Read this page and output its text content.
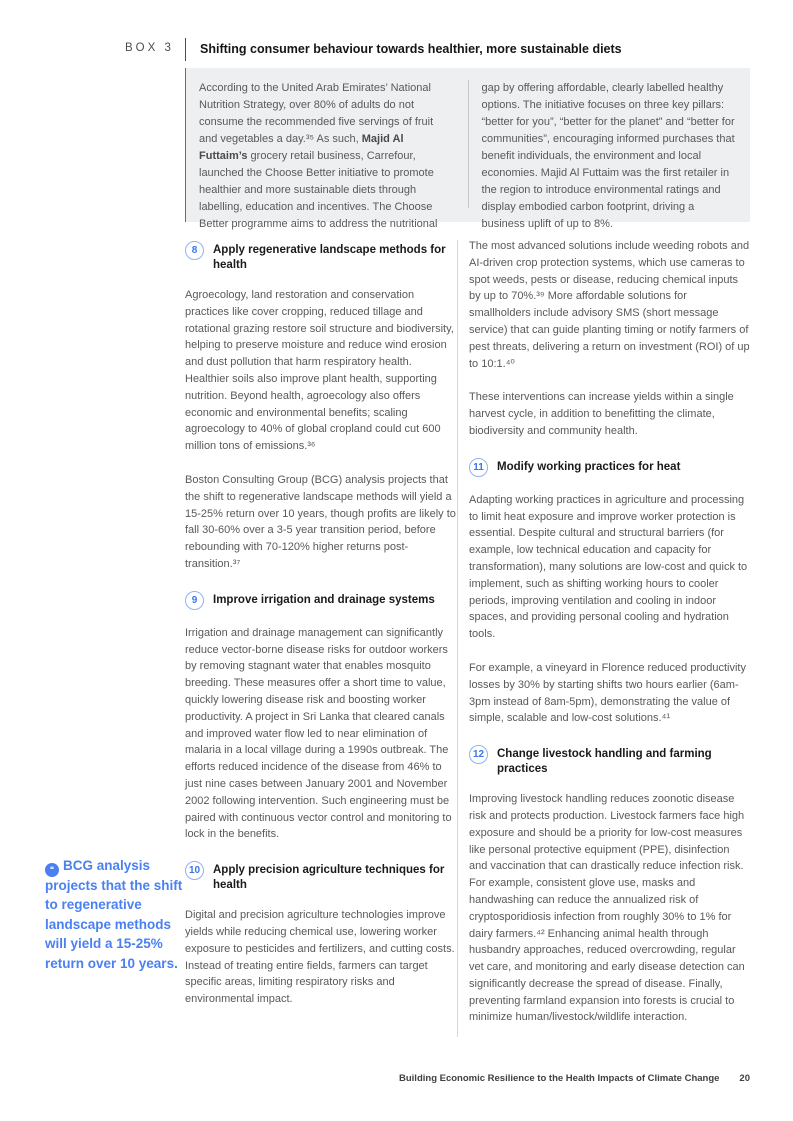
BOX 3 Shifting consumer behaviour towards healthier, more sustainable diets
According to the United Arab Emirates’ National Nutrition Strategy, over 80% of adults do not consume the recommended five servings of fruit and vegetables a day.³⁵ As such, Majid Al Futtaim’s grocery retail business, Carrefour, launched the Choose Better initiative to promote healthier and more sustainable diets through labelling, education and incentives. The Choose Better programme aims to address the nutritional
gap by offering affordable, clearly labelled healthy options. The initiative focuses on three key pillars: “better for you”, “better for the planet” and “better for communities”, encouraging informed purchases that benefit individuals, the environment and local economies. Majid Al Futtaim was the first retailer in the region to introduce environmental ratings and display embodied carbon footprint, driving a business uplift of up to 8%.
8	Apply regenerative landscape methods for health

Agroecology, land restoration and conservation practices like cover cropping, reduced tillage and rotational grazing restore soil structure and biodiversity, helping to preserve moisture and reduce wind erosion and dust pollution that harm respiratory health. Healthier soils also improve plant health, supporting nutrition. Beyond health, agroecology also offers economic and environmental benefits; scaling agroecology to 40% of global cropland could cut 600 million tons of emissions.³⁶

Boston Consulting Group (BCG) analysis projects that the shift to regenerative landscape methods will yield a 15-25% return over 10 years, though profits are likely to fall 30-60% over a 3-5 year transition period, before rebounding with 70-120% higher returns post-transition.³⁷

9	Improve irrigation and drainage systems

Irrigation and drainage management can significantly reduce vector-borne disease risks for outdoor workers by removing stagnant water that enables mosquito breeding. These measures offer a short time to value, quickly lowering disease risk and boosting worker productivity. A project in Sri Lanka that cleared canals and improved water flow led to near elimination of malaria in a local village during a 1990s outbreak. The efforts reduced incidence of the disease from 46% to just nine cases between January 2001 and November 2002 following intervention. Such engineering must be paired with continuous vector control and monitoring to lock in the benefits.

10	Apply precision agriculture techniques for health

Digital and precision agriculture technologies improve yields while reducing chemical use, lowering worker exposure to pesticides and fertilizers, and cutting costs. Instead of treating entire fields, farmers can target specific areas, limiting respiratory risks and environmental impact.

The most advanced solutions include weeding robots and AI-driven crop protection systems, which use cameras to spot weeds, pests or disease, reducing chemical inputs by up to 70%.³⁹ More affordable solutions for smallholders include advisory SMS (short message service) that can guide planting timing or notify farmers of pest threats, delivering a return on investment (ROI) of up to 10:1.⁴⁰

These interventions can increase yields within a single harvest cycle, in addition to benefitting the climate, biodiversity and community health.

11	Modify working practices for heat

Adapting working practices in agriculture and processing to limit heat exposure and improve worker protection is essential. Despite cultural and structural barriers (for example, low technical education and capacity for transformation), many solutions are low-cost and quick to implement, such as shifting working hours to cooler periods, improving ventilation and cooling in indoor spaces, and providing personal cooling and hydration tools.

For example, a vineyard in Florence reduced productivity losses by 30% by starting shifts two hours earlier (6am-3pm instead of 8am-5pm), demonstrating the value of simple, scalable and low-cost solutions.⁴¹

12	Change livestock handling and farming practices

Improving livestock handling reduces zoonotic disease risk and protects production. Livestock farmers face high exposure and should be a priority for low-cost measures like personal protective equipment (PPE), disinfection and vaccination that can drastically reduce infection risk. For example, consistent glove use, masks and handwashing can reduce the annualized risk of cryptosporidiosis infection from roughly 30% to 1% for dairy farmers.⁴² Enhancing animal health through husbandry approaches, reduced overcrowding, regular vet care, and monitoring and early disease detection can significantly decrease the spread of disease. Finally, preventing farmland expansion into forests is crucial to minimize human/livestock/wildlife interaction.

❝ BCG analysis projects that the shift to regenerative landscape methods will yield a 15-25% return over 10 years.
Building Economic Resilience to the Health Impacts of Climate Change 20
